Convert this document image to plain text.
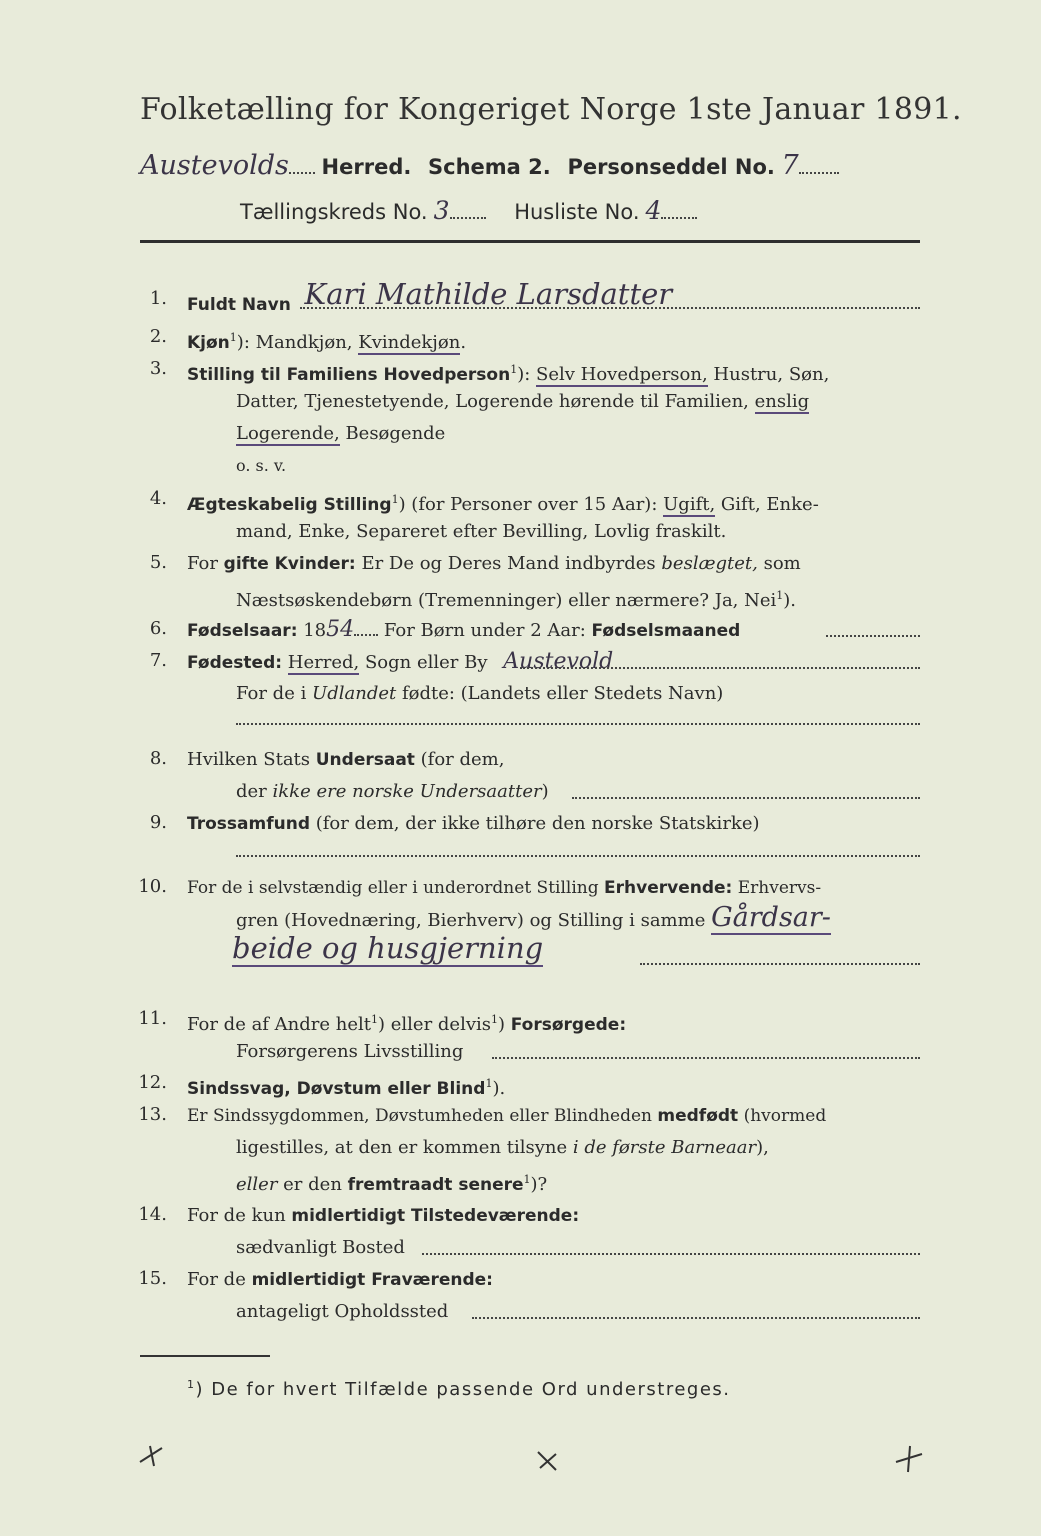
Folketælling for Kongeriget Norge 1ste Januar 1891.
Austevolds Herred. Schema 2. Personseddel No. 7
Tællingskreds No. 3	Husliste No. 4
1. Fuldt Navn Kari Mathilde Larsdatter
2. Kjøn$^1$): Mandkjøn, Kvindekjøn.
3. Stilling til Familiens Hovedperson$^1$): Selv Hovedperson, Hustru, Søn,
Datter, Tjenestetyende, Logerende hørende til Familien, enslig
Logerende, Besøgende
o. s. v.
4. Ægteskabelig Stilling$^1$) (for Personer over 15 Aar): Ugift, Gift, Enke-
mand, Enke, Separeret efter Bevilling, Lovlig fraskilt.
5. For gifte Kvinder: Er De og Deres Mand indbyrdes beslægtet, som
Næstsøskendebørn (Tremenninger) eller nærmere? Ja, Nei$^1$).
6. Fødselsaar: 1854 For Børn under 2 Aar: Fødselsmaaned
7. Fødested: Herred, Sogn eller By Austevold
For de i Udlandet fødte: (Landets eller Stedets Navn)
8. Hvilken Stats Undersaat (for dem,
der ikke ere norske Undersaatter)
9. Trossamfund (for dem, der ikke tilhøre den norske Statskirke)
10. For de i selvstændig eller i underordnet Stilling Erhvervende: Erhvervs-
gren (Hovednæring, Bierhverv) og Stilling i samme Gårdsar-
beide og husgjerning
11. For de af Andre helt$^1$) eller delvis$^1$) Forsørgede:
Forsørgerens Livsstilling
12. Sindssvag, Døvstum eller Blind$^1$).
13. Er Sindssygdommen, Døvstumheden eller Blindheden medfødt (hvormed
ligestilles, at den er kommen tilsyne i de første Barneaar),
eller er den fremtraadt senere$^1$)?
14. For de kun midlertidigt Tilstedeværende:
sædvanligt Bosted
15. For de midlertidigt Fraværende:
antageligt Opholdssted
$^1$) De for hvert Tilfælde passende Ord understreges.
